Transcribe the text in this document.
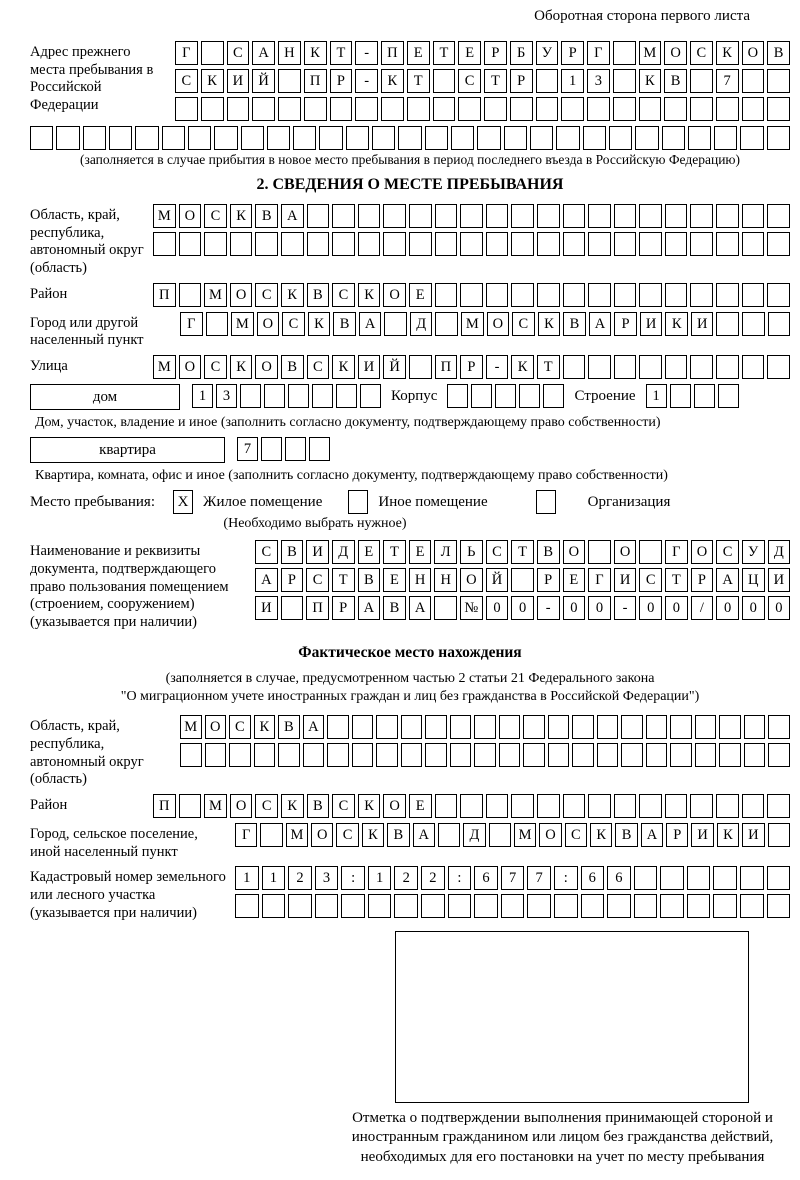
Оборотная сторона первого листа
Адрес прежнего места пребывания в Российской Федерации
Г	С	А	Н	К	Т	-	П	Е	Т	Е	Р	Б	У	Р	Г	М О	С	К	О	В
С	К	И	Й	П	Р	-	К	Т	С	Т	Р	1	3	К	В	7
(заполняется в случае прибытия в новое место пребывания в период последнего въезда в Российскую Федерацию)
2. СВЕДЕНИЯ О МЕСТЕ ПРЕБЫВАНИЯ
Область, край, республика, автономный округ (область)
М О	С	К	В	А
Район	П	М О	С	К	В	С	К	О	Е
Город или другой населенный пункт
Г	М О	С	К	В	А	Д	М О	С	К	В	А	Р	И	К	И
Улица	М О	С	К	О	В	С	К	И	Й	П	Р	-	К	Т
дом	1	3	Корпус	Строение	1
Дом, участок, владение и иное (заполнить согласно документу, подтверждающему право собственности)
квартира	7
Квартира, комната, офис и иное (заполнить согласно документу, подтверждающему право собственности)
Место пребывания: X Жилое помещение	Иное помещение	Организация
(Необходимо выбрать нужное)
Наименование и реквизиты документа, подтверждающего право пользования помещением (строением, сооружением) (указывается при наличии)
С	В	И	Д	Е	Т	Е	Л	Ь	С	Т	В	О	О	Г	О	С	У	Д
А	Р	С	Т	В	Е	Н	Н	О	Й	Р	Е	Г	И	С	Т	Р	А	Ц	И
И	П	Р	А	В	А	№	0	0	-	0	0	-	0	0	/	0	0	0
Фактическое место нахождения
(заполняется в случае, предусмотренном частью 2 статьи 21 Федерального закона
"О миграционном учете иностранных граждан и лиц без гражданства в Российской Федерации")
Область, край, республика, автономный округ (область)
М О С	К	В А
Район	П	М О	С	К	В	С	К	О	Е
Город, сельское поселение, иной населенный пункт
Г	М О	С	К	В	А	Д	М О	С	К	В	А	Р	И	К	И
Кадастровый номер земельного или лесного участка (указывается при наличии)
1	1	2	3	:	1	2	2	:	6	7	7	:	6	6
Отметка о подтверждении выполнения принимающей стороной и иностранным гражданином или лицом без гражданства действий, необходимых для его постановки на учет по месту пребывания
